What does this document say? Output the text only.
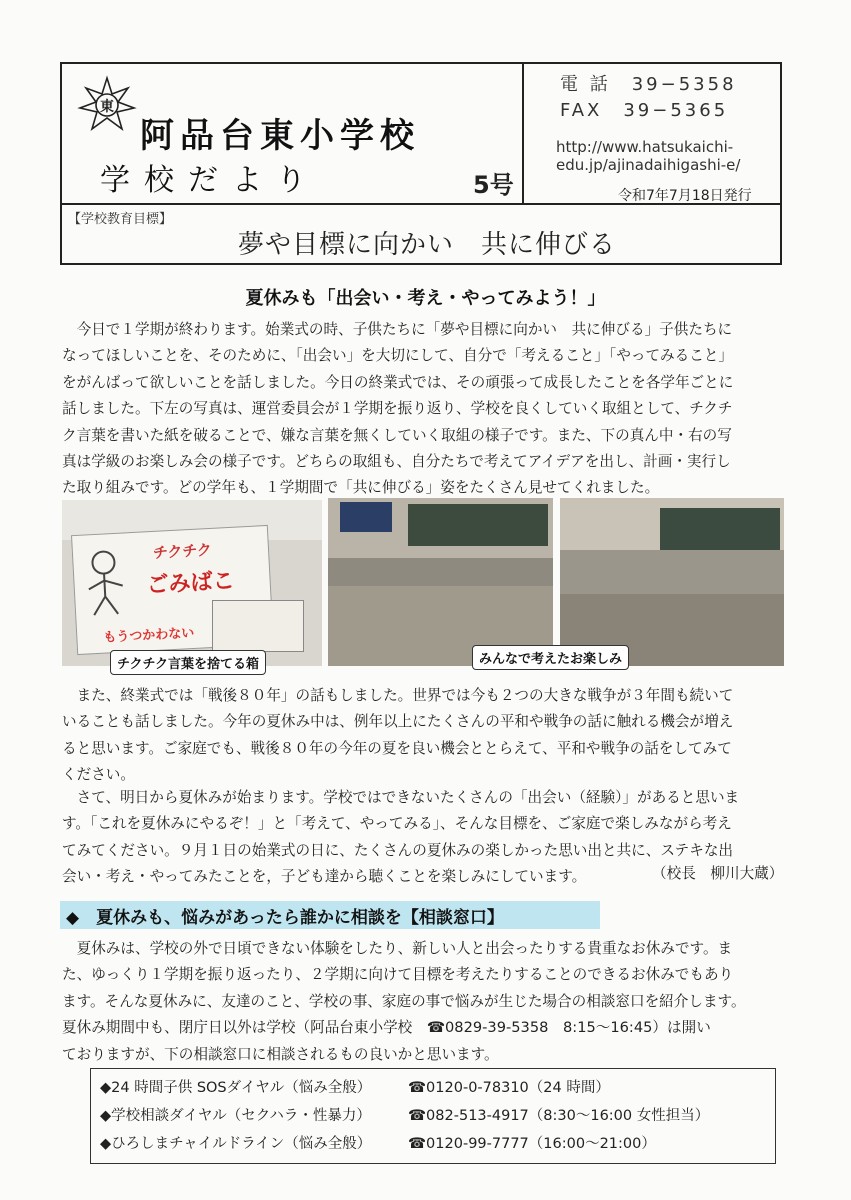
東
阿品台東小学校
学校だより	5号
電 話　39−5358
FAX　39−5365
http://www.hatsukaichi-
edu.jp/ajinadaihigashi-e/
令和7年7月18日発行
【学校教育目標】
夢や目標に向かい　共に伸びる
夏休みも「出会い・考え・やってみよう！」
　今日で１学期が終わります。始業式の時、子供たちに「夢や目標に向かい　共に伸びる」子供たちに
なってほしいことを、そのために、「出会い」を大切にして、自分で「考えること」「やってみること」
をがんばって欲しいことを話しました。今日の終業式では、その頑張って成長したことを各学年ごとに
話しました。下左の写真は、運営委員会が１学期を振り返り、学校を良くしていく取組として、チクチ
ク言葉を書いた紙を破ることで、嫌な言葉を無くしていく取組の様子です。また、下の真ん中・右の写
真は学級のお楽しみ会の様子です。どちらの取組も、自分たちで考えてアイデアを出し、計画・実行し
た取り組みです。どの学年も、１学期間で「共に伸びる」姿をたくさん見せてくれました。
チクチク
ごみばこ
もうつかわない
チクチク言葉を捨てる箱	みんなで考えたお楽しみ
　また、終業式では「戦後８０年」の話もしました。世界では今も２つの大きな戦争が３年間も続いて
いることも話しました。今年の夏休み中は、例年以上にたくさんの平和や戦争の話に触れる機会が増え
ると思います。ご家庭でも、戦後８０年の今年の夏を良い機会ととらえて、平和や戦争の話をしてみて
ください。
　さて、明日から夏休みが始まります。学校ではできないたくさんの「出会い（経験）」があると思いま
す。「これを夏休みにやるぞ！」と「考えて、やってみる」、そんな目標を、ご家庭で楽しみながら考え
てみてください。９月１日の始業式の日に、たくさんの夏休みの楽しかった思い出と共に、ステキな出
会い・考え・やってみたことを，子ども達から聴くことを楽しみにしています。	（校長　柳川大蔵）
◆　夏休みも、悩みがあったら誰かに相談を【相談窓口】
　夏休みは、学校の外で日頃できない体験をしたり、新しい人と出会ったりする貴重なお休みです。ま
た、ゆっくり１学期を振り返ったり、２学期に向けて目標を考えたりすることのできるお休みでもあり
ます。そんな夏休みに、友達のこと、学校の事、家庭の事で悩みが生じた場合の相談窓口を紹介します。
夏休み期間中も、閉庁日以外は学校（阿品台東小学校　☎0829-39-5358　8:15〜16:45）は開い
ておりますが、下の相談窓口に相談されるもの良いかと思います。
◆24 時間子供 SOSダイヤル（悩み全般）	☎0120-0-78310（24 時間）
◆学校相談ダイヤル（セクハラ・性暴力）	☎082-513-4917（8:30〜16:00 女性担当）
◆ひろしまチャイルドライン（悩み全般）	☎0120-99-7777（16:00〜21:00）
